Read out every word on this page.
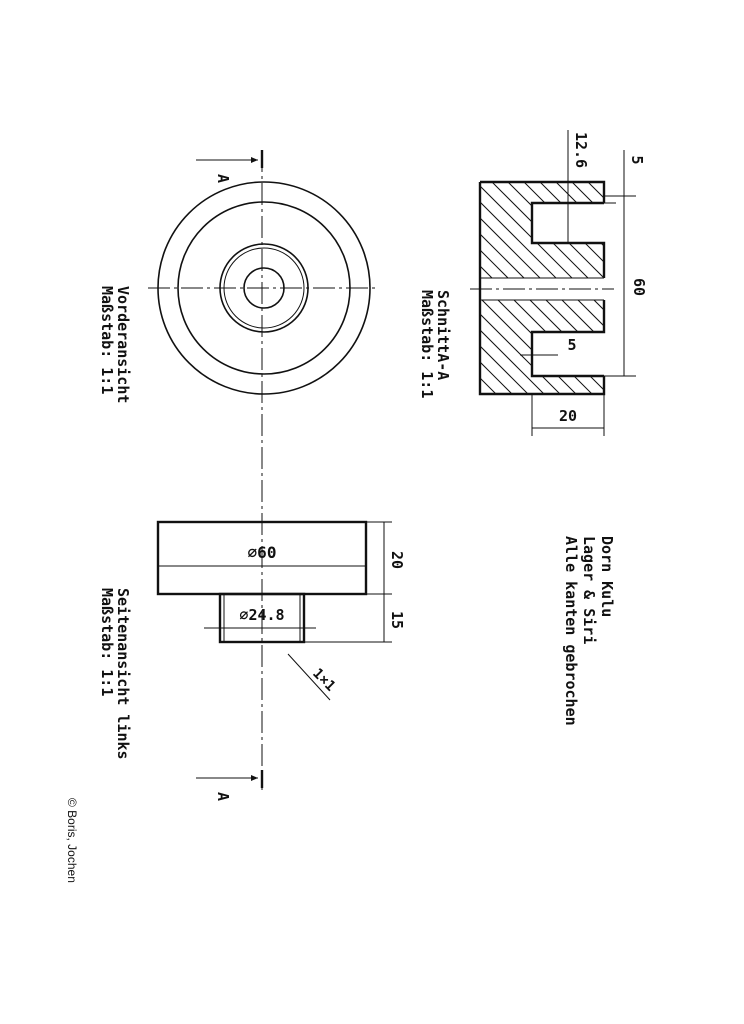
60
5
12.6
5
20
SchnittA-A
Maßstab: 1:1
A
A
Vorderansicht
Maßstab: 1:1
∅60
∅24.8
20
15
1×1
Seitenansicht links
Maßstab: 1:1
Dorn Kulu
Lager & Siri
Alle kanten gebrochen
© Boris, Jochen
